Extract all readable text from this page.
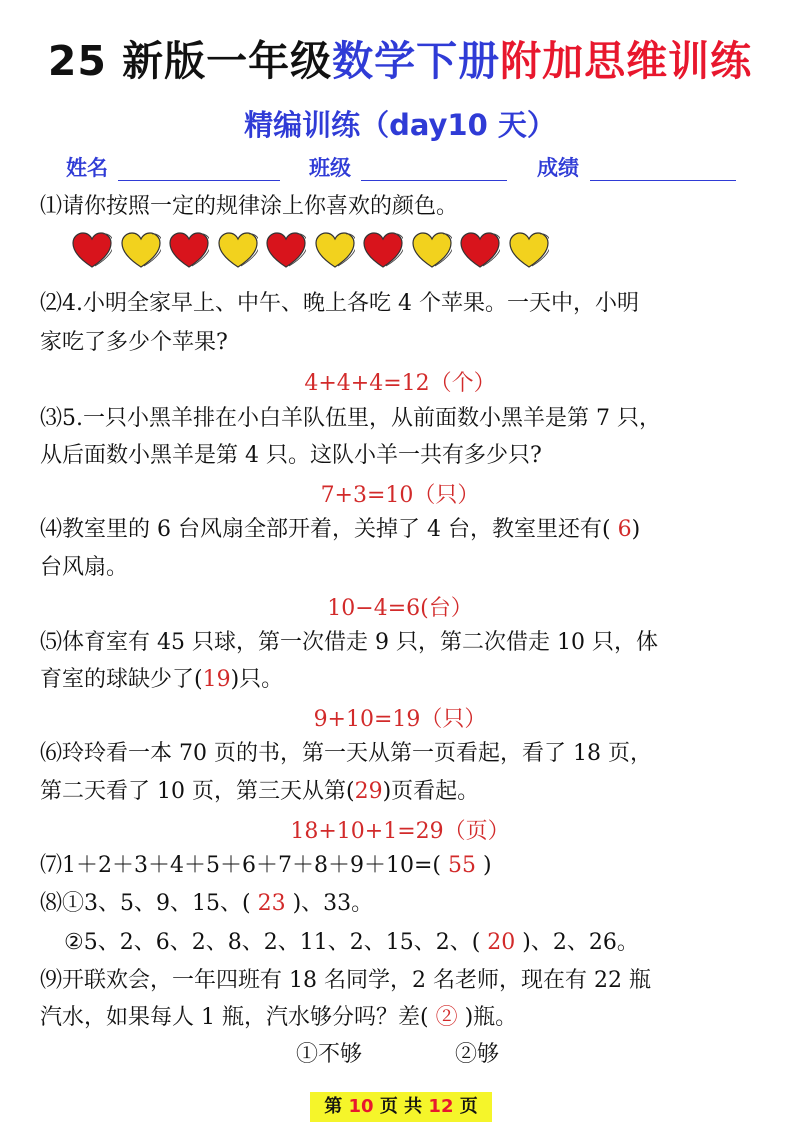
25 新版一年级数学下册附加思维训练
精编训练（day10 天）
姓名	班级	成绩
⑴请你按照一定的规律涂上你喜欢的颜色。
⑵4.小明全家早上、中午、晚上各吃 4 个苹果。一天中，小明
家吃了多少个苹果?
4+4+4=12（个）
⑶5.一只小黑羊排在小白羊队伍里，从前面数小黑羊是第 7 只，
从后面数小黑羊是第 4 只。这队小羊一共有多少只?
7+3=10（只）
⑷教室里的 6 台风扇全部开着，关掉了 4 台，教室里还有( 6)
台风扇。
10−4=6(台）
⑸体育室有 45 只球，第一次借走 9 只，第二次借走 10 只，体
育室的球缺少了(19)只。
9+10=19（只）
⑹玲玲看一本 70 页的书，第一天从第一页看起，看了 18 页，
第二天看了 10 页，第三天从第(29)页看起。
18+10+1=29（页）
⑺1＋2＋3＋4＋5＋6＋7＋8＋9＋10=( 55 )
⑻①3、5、9、15、( 23 )、33。
②5、2、6、2、8、2、11、2、15、2、( 20 )、2、26。
⑼开联欢会，一年四班有 18 名同学，2 名老师，现在有 22 瓶
汽水，如果每人 1 瓶，汽水够分吗？差( ② )瓶。
①不够	②够
第 10 页 共 12 页
